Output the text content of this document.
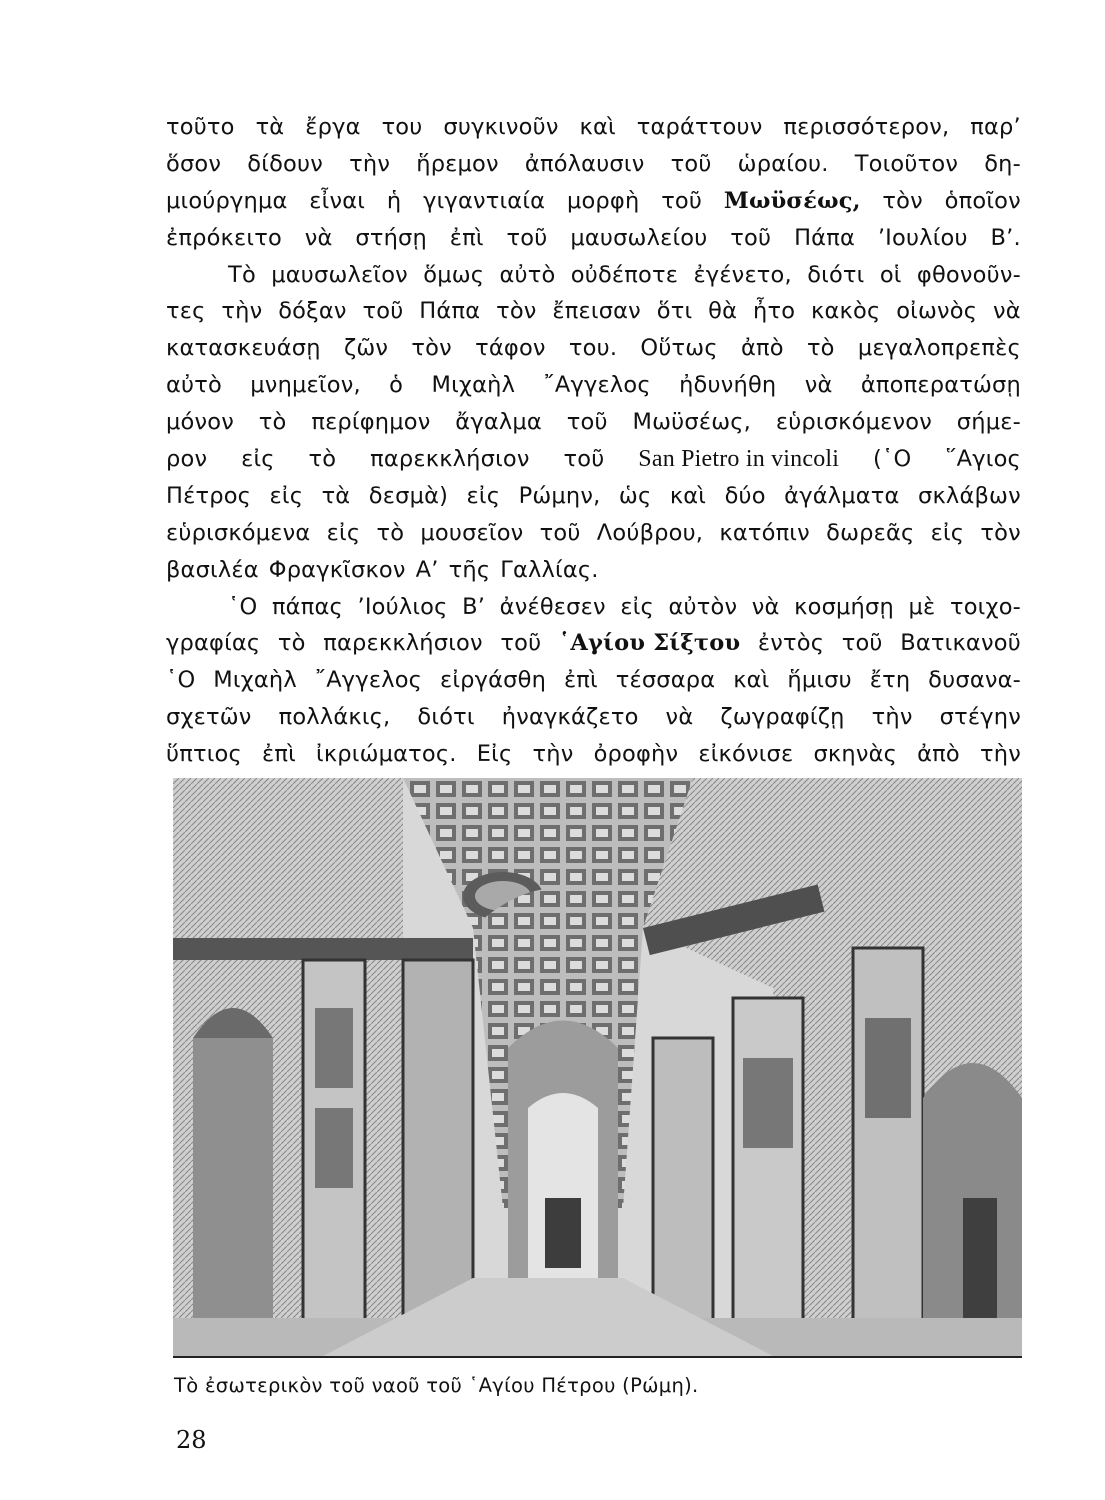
τοῦτο τὰ ἔργα του συγκινοῦν καὶ ταράττουν περισσότερον, παρ’
ὅσον δίδουν τὴν ἥρεμον ἀπόλαυσιν τοῦ ὡραίου. Τοιοῦτον δη-
μιούργημα εἶναι ἡ γιγαντιαία μορφὴ τοῦ Μωϋσέως, τὸν ὁποῖον
ἐπρόκειτο νὰ στήσῃ ἐπὶ τοῦ μαυσωλείου τοῦ Πάπα ’Ιουλίου Β’.
Τὸ μαυσωλεῖον ὅμως αὐτὸ οὐδέποτε ἐγένετο, διότι οἱ φθονοῦν-
τες τὴν δόξαν τοῦ Πάπα τὸν ἔπεισαν ὅτι θὰ ἦτο κακὸς οἰωνὸς νὰ
κατασκευάσῃ ζῶν τὸν τάφον του. Οὕτως ἀπὸ τὸ μεγαλοπρεπὲς
αὐτὸ μνημεῖον, ὁ Μιχαὴλ ῎Αγγελος ἠδυνήθη νὰ ἀποπερατώσῃ
μόνον τὸ περίφημον ἄγαλμα τοῦ Μωϋσέως, εὑρισκόμενον σήμε-
ρον εἰς τὸ παρεκκλήσιον τοῦ San Pietro in vincoli (῾Ο ῞Αγιος
Πέτρος εἰς τὰ δεσμὰ) εἰς Ρώμην, ὡς καὶ δύο ἀγάλματα σκλάβων
εὑρισκόμενα εἰς τὸ μουσεῖον τοῦ Λούβρου, κατόπιν δωρεᾶς εἰς τὸν
βασιλέα Φραγκῖσκον Α’ τῆς Γαλλίας.
῾Ο πάπας ’Ιούλιος Β’ ἀνέθεσεν εἰς αὐτὸν νὰ κοσμήσῃ μὲ τοιχο-
γραφίας τὸ παρεκκλήσιον τοῦ ῾Αγίου Σίξτου ἐντὸς τοῦ Βατικανοῦ
῾Ο Μιχαὴλ ῎Αγγελος εἰργάσθη ἐπὶ τέσσαρα καὶ ἥμισυ ἔτη δυσανα-
σχετῶν πολλάκις, διότι ἠναγκάζετο νὰ ζωγραφίζῃ τὴν στέγην
ὕπτιος ἐπὶ ἰκριώματος. Εἰς τὴν ὀροφὴν εἰκόνισε σκηνὰς ἀπὸ τὴν
Τὸ ἐσωτερικὸν τοῦ ναοῦ τοῦ ῾Αγίου Πέτρου (Ρώμη).
28
